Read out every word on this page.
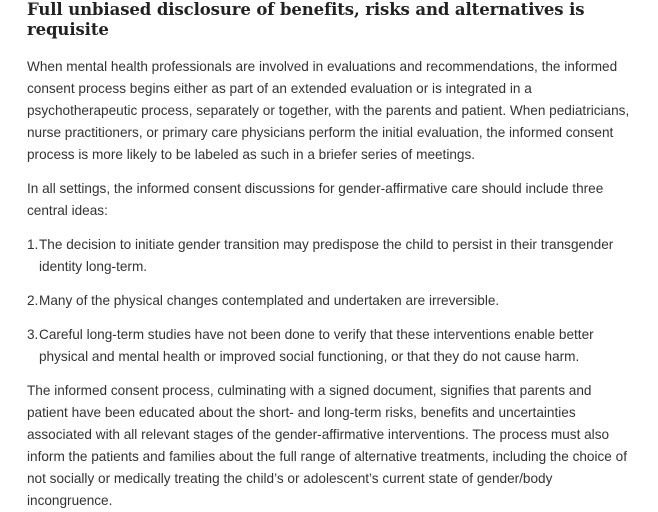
Full unbiased disclosure of benefits, risks and alternatives is requisite

When mental health professionals are involved in evaluations and recommendations, the informed consent process begins either as part of an extended evaluation or is integrated in a psychotherapeutic process, separately or together, with the parents and patient. When pediatricians, nurse practitioners, or primary care physicians perform the initial evaluation, the informed consent process is more likely to be labeled as such in a briefer series of meetings.

In all settings, the informed consent discussions for gender-affirmative care should include three central ideas:

1. The decision to initiate gender transition may predispose the child to persist in their transgender identity long-term.
2. Many of the physical changes contemplated and undertaken are irreversible.
3. Careful long-term studies have not been done to verify that these interventions enable better physical and mental health or improved social functioning, or that they do not cause harm.

The informed consent process, culminating with a signed document, signifies that parents and patient have been educated about the short- and long-term risks, benefits and uncertainties associated with all relevant stages of the gender-affirmative interventions. The process must also inform the patients and families about the full range of alternative treatments, including the choice of not socially or medically treating the child’s or adolescent’s current state of gender/body incongruence.
